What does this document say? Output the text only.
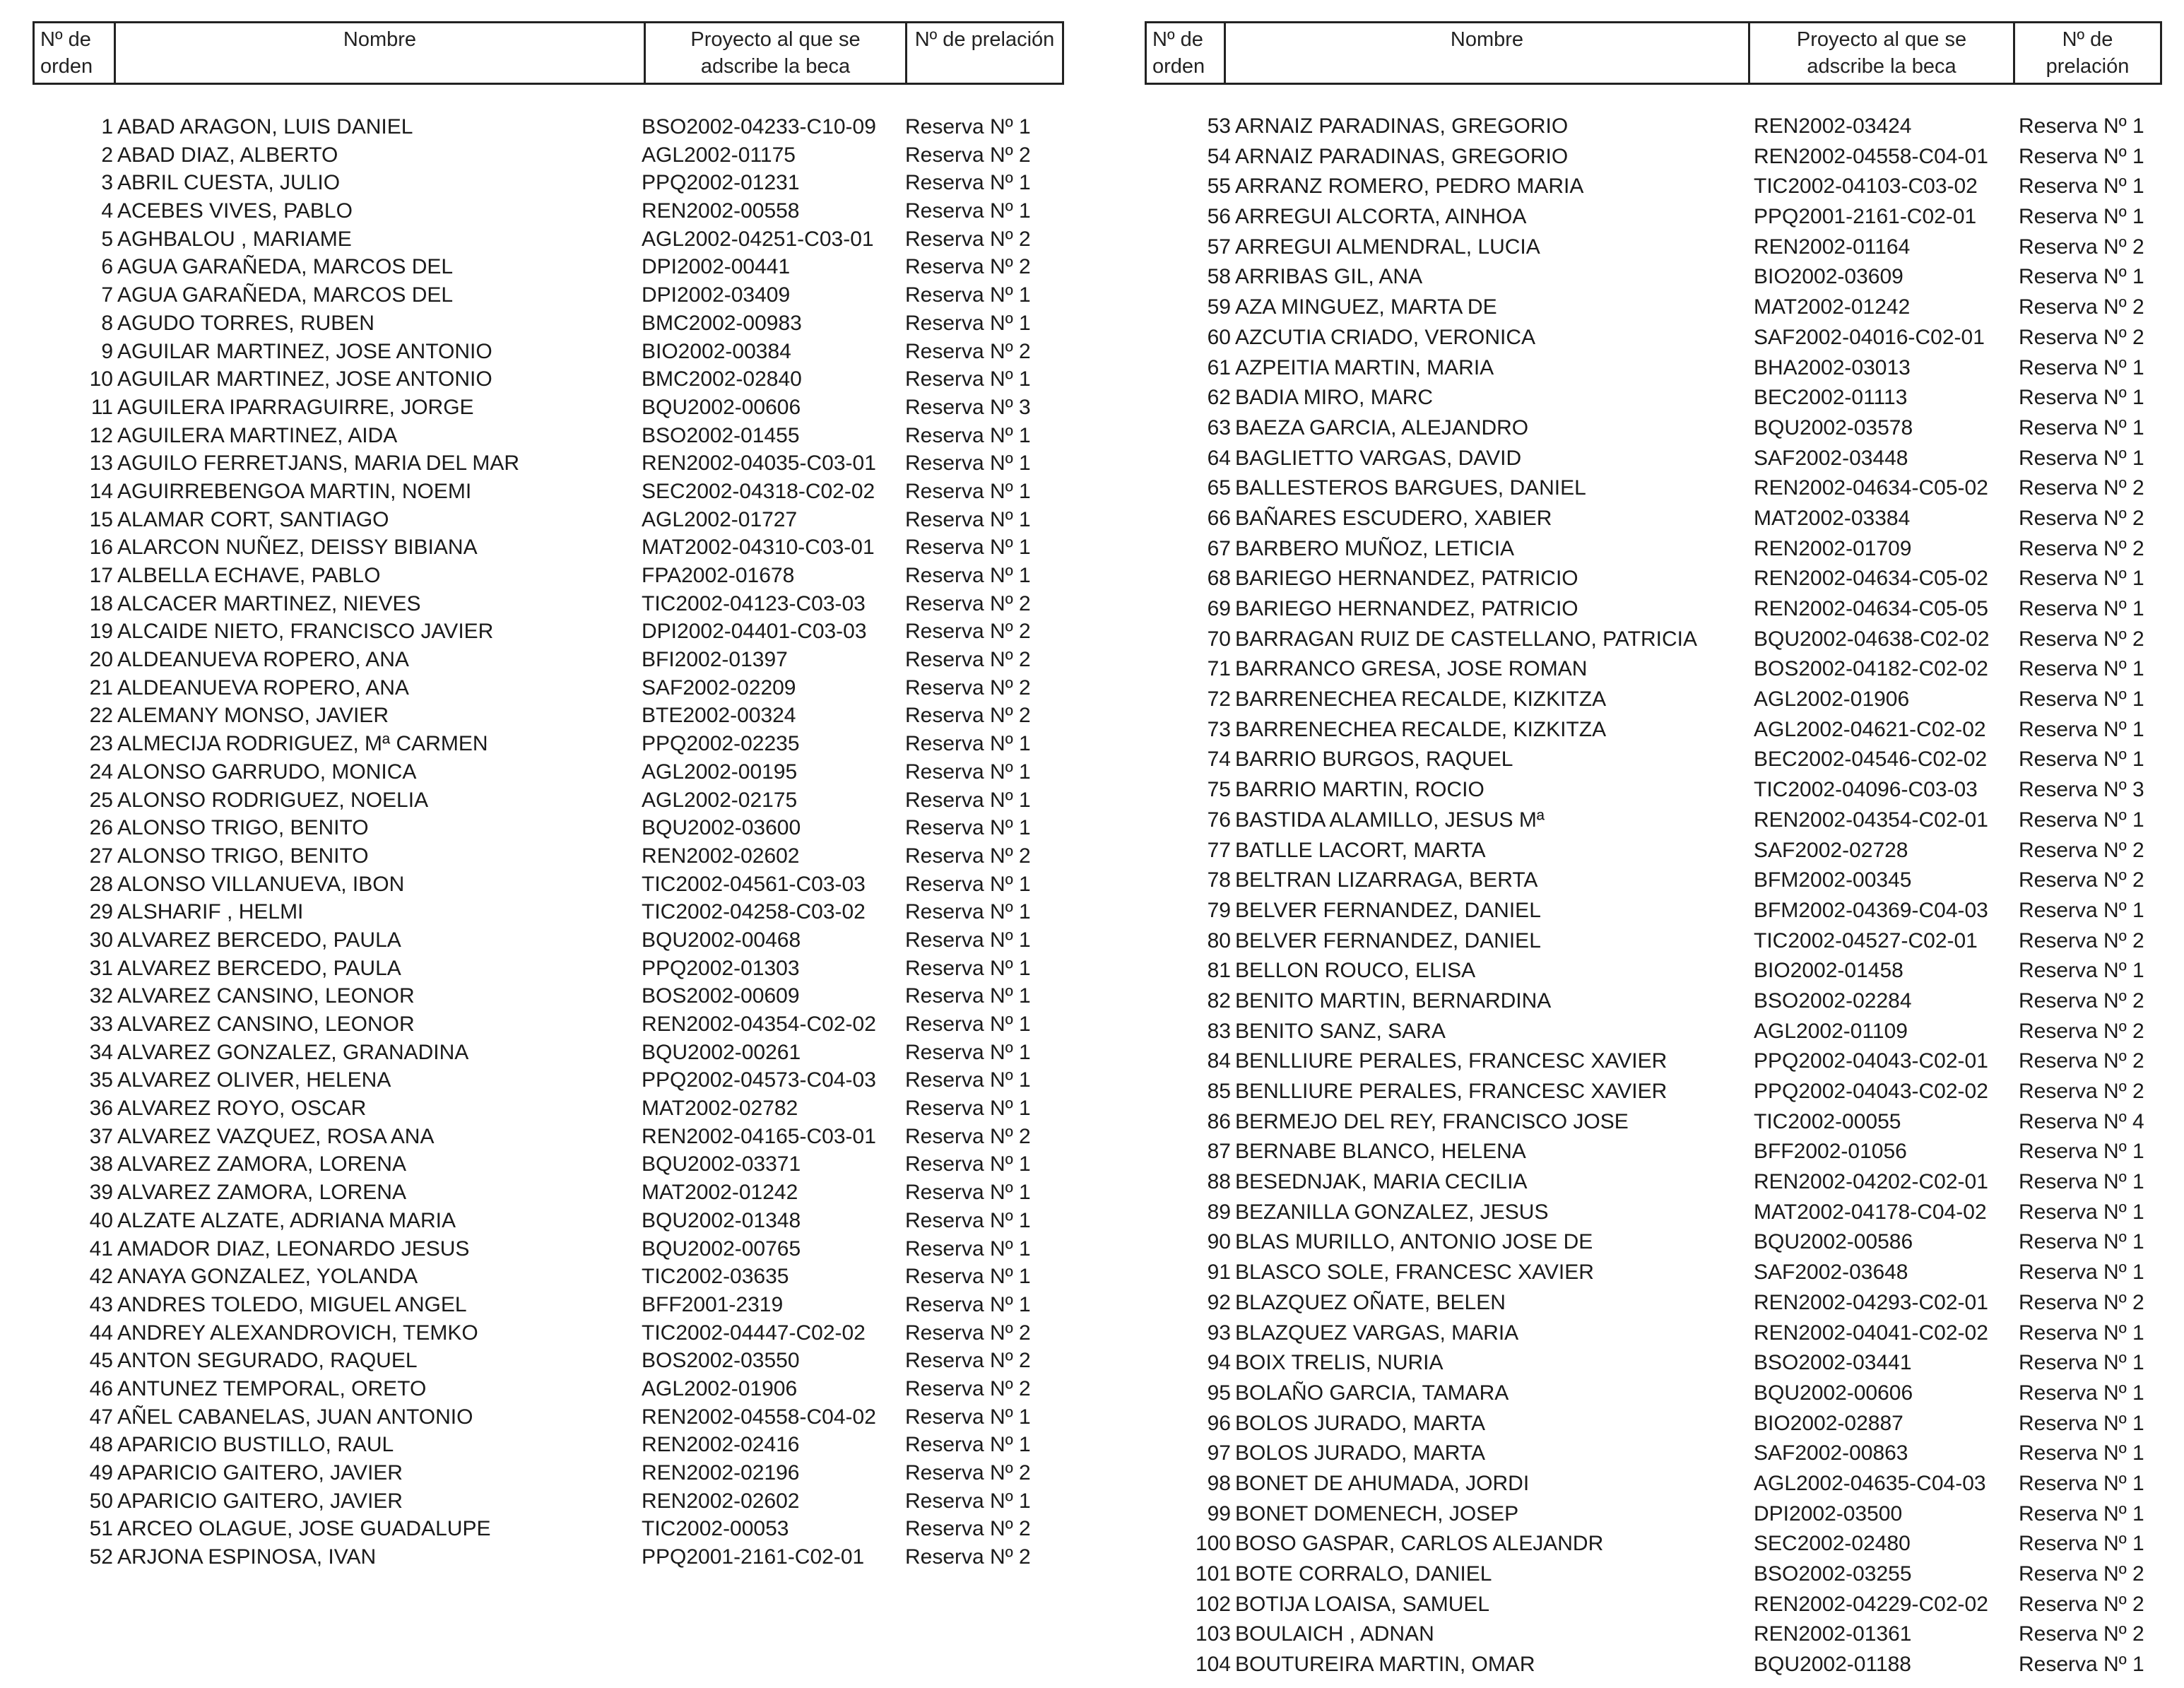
Nº de orden
Nombre	Proyecto al que se adscribe la beca
Nº de prelación
1 ABAD ARAGON, LUIS DANIEL	BSO2002-04233-C10-09	Reserva Nº 1
2 ABAD DIAZ, ALBERTO	AGL2002-01175	Reserva Nº 2
3 ABRIL CUESTA, JULIO	PPQ2002-01231	Reserva Nº 1
4 ACEBES VIVES, PABLO	REN2002-00558	Reserva Nº 1
5 AGHBALOU , MARIAME	AGL2002-04251-C03-01	Reserva Nº 2
6 AGUA GARAÑEDA, MARCOS DEL	DPI2002-00441	Reserva Nº 2
7 AGUA GARAÑEDA, MARCOS DEL	DPI2002-03409	Reserva Nº 1
8 AGUDO TORRES, RUBEN	BMC2002-00983	Reserva Nº 1
9 AGUILAR MARTINEZ, JOSE ANTONIO	BIO2002-00384	Reserva Nº 2
10 AGUILAR MARTINEZ, JOSE ANTONIO	BMC2002-02840	Reserva Nº 1
11 AGUILERA IPARRAGUIRRE, JORGE	BQU2002-00606	Reserva Nº 3
12 AGUILERA MARTINEZ, AIDA	BSO2002-01455	Reserva Nº 1
13 AGUILO FERRETJANS, MARIA DEL MAR	REN2002-04035-C03-01	Reserva Nº 1
14 AGUIRREBENGOA MARTIN, NOEMI	SEC2002-04318-C02-02	Reserva Nº 1
15 ALAMAR CORT, SANTIAGO	AGL2002-01727	Reserva Nº 1
16 ALARCON NUÑEZ, DEISSY BIBIANA	MAT2002-04310-C03-01	Reserva Nº 1
17 ALBELLA ECHAVE, PABLO	FPA2002-01678	Reserva Nº 1
18 ALCACER MARTINEZ, NIEVES	TIC2002-04123-C03-03	Reserva Nº 2
19 ALCAIDE NIETO, FRANCISCO JAVIER	DPI2002-04401-C03-03	Reserva Nº 2
20 ALDEANUEVA ROPERO, ANA	BFI2002-01397	Reserva Nº 2
21 ALDEANUEVA ROPERO, ANA	SAF2002-02209	Reserva Nº 2
22 ALEMANY MONSO, JAVIER	BTE2002-00324	Reserva Nº 2
23 ALMECIJA RODRIGUEZ, Mª CARMEN	PPQ2002-02235	Reserva Nº 1
24 ALONSO GARRUDO, MONICA	AGL2002-00195	Reserva Nº 1
25 ALONSO RODRIGUEZ, NOELIA	AGL2002-02175	Reserva Nº 1
26 ALONSO TRIGO, BENITO	BQU2002-03600	Reserva Nº 1
27 ALONSO TRIGO, BENITO	REN2002-02602	Reserva Nº 2
28 ALONSO VILLANUEVA, IBON	TIC2002-04561-C03-03	Reserva Nº 1
29 ALSHARIF , HELMI	TIC2002-04258-C03-02	Reserva Nº 1
30 ALVAREZ BERCEDO, PAULA	BQU2002-00468	Reserva Nº 1
31 ALVAREZ BERCEDO, PAULA	PPQ2002-01303	Reserva Nº 1
32 ALVAREZ CANSINO, LEONOR	BOS2002-00609	Reserva Nº 1
33 ALVAREZ CANSINO, LEONOR	REN2002-04354-C02-02	Reserva Nº 1
34 ALVAREZ GONZALEZ, GRANADINA	BQU2002-00261	Reserva Nº 1
35 ALVAREZ OLIVER, HELENA	PPQ2002-04573-C04-03	Reserva Nº 1
36 ALVAREZ ROYO, OSCAR	MAT2002-02782	Reserva Nº 1
37 ALVAREZ VAZQUEZ, ROSA ANA	REN2002-04165-C03-01	Reserva Nº 2
38 ALVAREZ ZAMORA, LORENA	BQU2002-03371	Reserva Nº 1
39 ALVAREZ ZAMORA, LORENA	MAT2002-01242	Reserva Nº 1
40 ALZATE ALZATE, ADRIANA MARIA	BQU2002-01348	Reserva Nº 1
41 AMADOR DIAZ, LEONARDO JESUS	BQU2002-00765	Reserva Nº 1
42 ANAYA GONZALEZ, YOLANDA	TIC2002-03635	Reserva Nº 1
43 ANDRES TOLEDO, MIGUEL ANGEL	BFF2001-2319	Reserva Nº 1
44 ANDREY ALEXANDROVICH, TEMKO	TIC2002-04447-C02-02	Reserva Nº 2
45 ANTON SEGURADO, RAQUEL	BOS2002-03550	Reserva Nº 2
46 ANTUNEZ TEMPORAL, ORETO	AGL2002-01906	Reserva Nº 2
47 AÑEL CABANELAS, JUAN ANTONIO	REN2002-04558-C04-02	Reserva Nº 1
48 APARICIO BUSTILLO, RAUL	REN2002-02416	Reserva Nº 1
49 APARICIO GAITERO, JAVIER	REN2002-02196	Reserva Nº 2
50 APARICIO GAITERO, JAVIER	REN2002-02602	Reserva Nº 1
51 ARCEO OLAGUE, JOSE GUADALUPE	TIC2002-00053	Reserva Nº 2
52 ARJONA ESPINOSA, IVAN	PPQ2001-2161-C02-01	Reserva Nº 2
Nº de orden
Nombre	Proyecto al que se adscribe la beca
Nº de prelación
53 ARNAIZ PARADINAS, GREGORIO	REN2002-03424	Reserva Nº 1
54 ARNAIZ PARADINAS, GREGORIO	REN2002-04558-C04-01	Reserva Nº 1
55 ARRANZ ROMERO, PEDRO MARIA	TIC2002-04103-C03-02	Reserva Nº 1
56 ARREGUI ALCORTA, AINHOA	PPQ2001-2161-C02-01	Reserva Nº 1
57 ARREGUI ALMENDRAL, LUCIA	REN2002-01164	Reserva Nº 2
58 ARRIBAS GIL, ANA	BIO2002-03609	Reserva Nº 1
59 AZA MINGUEZ, MARTA DE	MAT2002-01242	Reserva Nº 2
60 AZCUTIA CRIADO, VERONICA	SAF2002-04016-C02-01	Reserva Nº 2
61 AZPEITIA MARTIN, MARIA	BHA2002-03013	Reserva Nº 1
62 BADIA MIRO, MARC	BEC2002-01113	Reserva Nº 1
63 BAEZA GARCIA, ALEJANDRO	BQU2002-03578	Reserva Nº 1
64 BAGLIETTO VARGAS, DAVID	SAF2002-03448	Reserva Nº 1
65 BALLESTEROS BARGUES, DANIEL	REN2002-04634-C05-02	Reserva Nº 2
66 BAÑARES ESCUDERO, XABIER	MAT2002-03384	Reserva Nº 2
67 BARBERO MUÑOZ, LETICIA	REN2002-01709	Reserva Nº 2
68 BARIEGO HERNANDEZ, PATRICIO	REN2002-04634-C05-02	Reserva Nº 1
69 BARIEGO HERNANDEZ, PATRICIO	REN2002-04634-C05-05	Reserva Nº 1
70 BARRAGAN RUIZ DE CASTELLANO, PATRICIA	BQU2002-04638-C02-02	Reserva Nº 2
71 BARRANCO GRESA, JOSE ROMAN	BOS2002-04182-C02-02	Reserva Nº 1
72 BARRENECHEA RECALDE, KIZKITZA	AGL2002-01906	Reserva Nº 1
73 BARRENECHEA RECALDE, KIZKITZA	AGL2002-04621-C02-02	Reserva Nº 1
74 BARRIO BURGOS, RAQUEL	BEC2002-04546-C02-02	Reserva Nº 1
75 BARRIO MARTIN, ROCIO	TIC2002-04096-C03-03	Reserva Nº 3
76 BASTIDA ALAMILLO, JESUS Mª	REN2002-04354-C02-01	Reserva Nº 1
77 BATLLE LACORT, MARTA	SAF2002-02728	Reserva Nº 2
78 BELTRAN LIZARRAGA, BERTA	BFM2002-00345	Reserva Nº 2
79 BELVER FERNANDEZ, DANIEL	BFM2002-04369-C04-03	Reserva Nº 1
80 BELVER FERNANDEZ, DANIEL	TIC2002-04527-C02-01	Reserva Nº 2
81 BELLON ROUCO, ELISA	BIO2002-01458	Reserva Nº 1
82 BENITO MARTIN, BERNARDINA	BSO2002-02284	Reserva Nº 2
83 BENITO SANZ, SARA	AGL2002-01109	Reserva Nº 2
84 BENLLIURE PERALES, FRANCESC XAVIER	PPQ2002-04043-C02-01	Reserva Nº 2
85 BENLLIURE PERALES, FRANCESC XAVIER	PPQ2002-04043-C02-02	Reserva Nº 2
86 BERMEJO DEL REY, FRANCISCO JOSE	TIC2002-00055	Reserva Nº 4
87 BERNABE BLANCO, HELENA	BFF2002-01056	Reserva Nº 1
88 BESEDNJAK, MARIA CECILIA	REN2002-04202-C02-01	Reserva Nº 1
89 BEZANILLA GONZALEZ, JESUS	MAT2002-04178-C04-02	Reserva Nº 1
90 BLAS MURILLO, ANTONIO JOSE DE	BQU2002-00586	Reserva Nº 1
91 BLASCO SOLE, FRANCESC XAVIER	SAF2002-03648	Reserva Nº 1
92 BLAZQUEZ OÑATE, BELEN	REN2002-04293-C02-01	Reserva Nº 2
93 BLAZQUEZ VARGAS, MARIA	REN2002-04041-C02-02	Reserva Nº 1
94 BOIX TRELIS, NURIA	BSO2002-03441	Reserva Nº 1
95 BOLAÑO GARCIA, TAMARA	BQU2002-00606	Reserva Nº 1
96 BOLOS JURADO, MARTA	BIO2002-02887	Reserva Nº 1
97 BOLOS JURADO, MARTA	SAF2002-00863	Reserva Nº 1
98 BONET DE AHUMADA, JORDI	AGL2002-04635-C04-03	Reserva Nº 1
99 BONET DOMENECH, JOSEP	DPI2002-03500	Reserva Nº 1
100 BOSO GASPAR, CARLOS ALEJANDR	SEC2002-02480	Reserva Nº 1
101 BOTE CORRALO, DANIEL	BSO2002-03255	Reserva Nº 2
102 BOTIJA LOAISA, SAMUEL	REN2002-04229-C02-02	Reserva Nº 2
103 BOULAICH , ADNAN	REN2002-01361	Reserva Nº 2
104 BOUTUREIRA MARTIN, OMAR	BQU2002-01188	Reserva Nº 1
